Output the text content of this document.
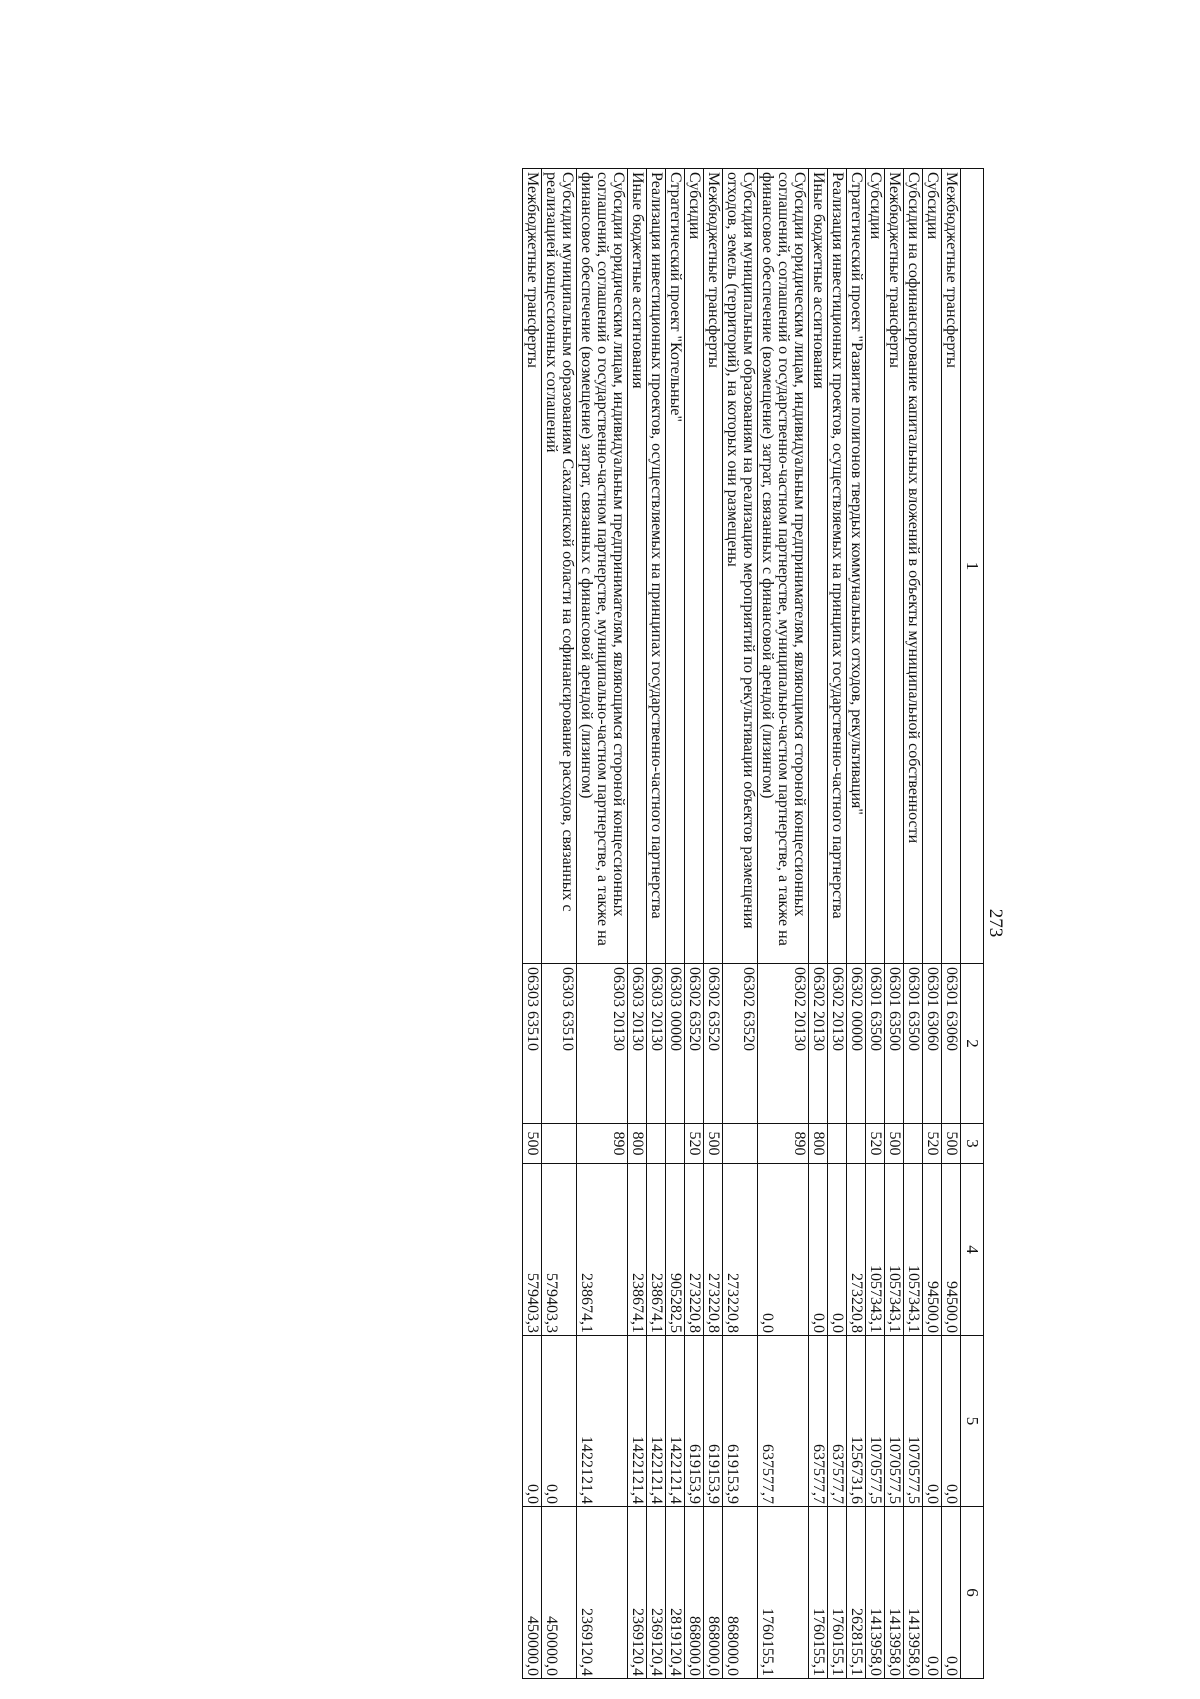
273
1	2	3	4	5	6
Межбюджетные трансферты	06301 63060	500	94500,0	0,0	0,0
Субсидии	06301 63060	520	94500,0	0,0	0,0
Субсидии на софинансирование капитальных вложений в объекты муниципальной собственности	06301 63500		1057343,1	1070577,5	1413958,0
Межбюджетные трансферты	06301 63500	500	1057343,1	1070577,5	1413958,0
Субсидии	06301 63500	520	1057343,1	1070577,5	1413958,0
Стратегический проект "Развитие полигонов твердых коммунальных отходов, рекультивация"	06302 00000		273220,8	1256731,6	2628155,1
Реализация инвестиционных проектов, осуществляемых на принципах государственно-частного партнерства	06302 20130		0,0	637577,7	1760155,1
Иные бюджетные ассигнования	06302 20130	800	0,0	637577,7	1760155,1
Субсидии юридическим лицам, индивидуальным предпринимателям, являющимся стороной концессионных соглашений, соглашений о государственно-частном партнерстве, муниципально-частном партнерстве, а также на финансовое обеспечение (возмещение) затрат, связанных с финансовой арендой (лизингом)	06302 20130	890	0,0	637577,7	1760155,1
Субсидия муниципальным образованиям на реализацию мероприятий по рекультивации объектов размещения отходов, земель (территорий), на которых они размещены	06302 63520		273220,8	619153,9	868000,0
Межбюджетные трансферты	06302 63520	500	273220,8	619153,9	868000,0
Субсидии	06302 63520	520	273220,8	619153,9	868000,0
Стратегический проект "Котельные"	06303 00000		905282,5	1422121,4	2819120,4
Реализация инвестиционных проектов, осуществляемых на принципах государственно-частного партнерства	06303 20130		238674,1	1422121,4	2369120,4
Иные бюджетные ассигнования	06303 20130	800	238674,1	1422121,4	2369120,4
Субсидии юридическим лицам, индивидуальным предпринимателям, являющимся стороной концессионных соглашений, соглашений о государственно-частном партнерстве, муниципально-частном партнерстве, а также на финансовое обеспечение (возмещение) затрат, связанных с финансовой арендой (лизингом)	06303 20130	890	238674,1	1422121,4	2369120,4
Субсидии муниципальным образованиям Сахалинской области на софинансирование расходов, связанных с реализацией концессионных соглашений	06303 63510		579403,3	0,0	450000,0
Межбюджетные трансферты	06303 63510	500	579403,3	0,0	450000,0
